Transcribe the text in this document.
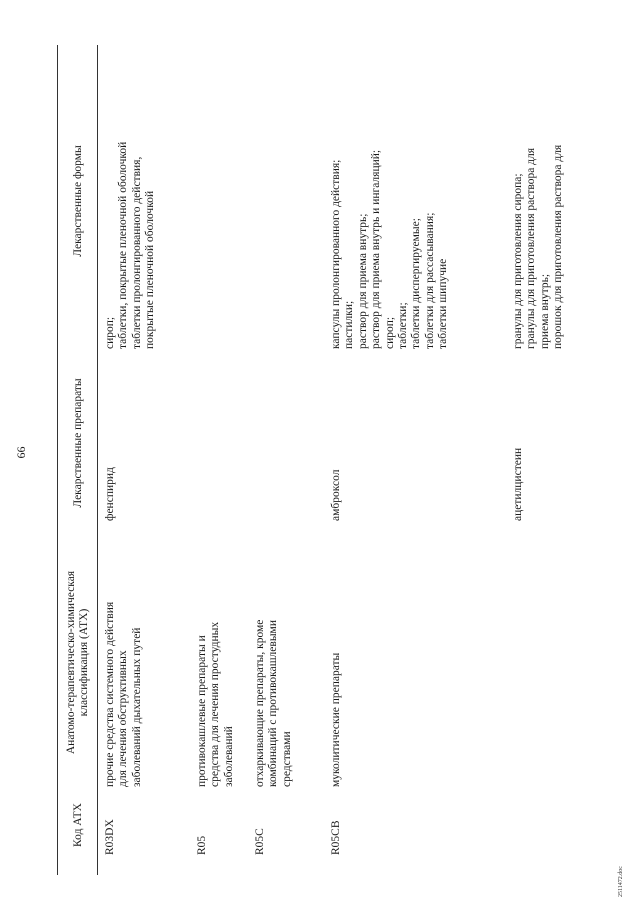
66
Код АТХ
Анатомо-терапевтическо-химическая
классификация (АТХ)
Лекарственные препараты
Лекарственные формы
R03DX
прочие средства системного действия
для лечения обструктивных
заболеваний дыхательных путей
фенспирид
сироп;
таблетки, покрытые пленочной оболочкой
таблетки пролонгированного действия,
покрытые пленочной оболочкой
R05
противокашлевые препараты и
средства для лечения простудных
заболеваний
R05C
отхаркивающие препараты, кроме
комбинаций с противокашлевыми
средствами
R05CB
муколитические препараты
амброксол
капсулы пролонгированного действия;
пастилки;
раствор для приема внутрь;
раствор для приема внутрь и ингаляций;
сироп;
таблетки;
таблетки диспергируемые;
таблетки для рассасывания;
таблетки шипучие
ацетилцистеин
гранулы для приготовления сиропа;
гранулы для приготовления раствора для
приема внутрь;
порошок для приготовления раствора для
2511472.doc
